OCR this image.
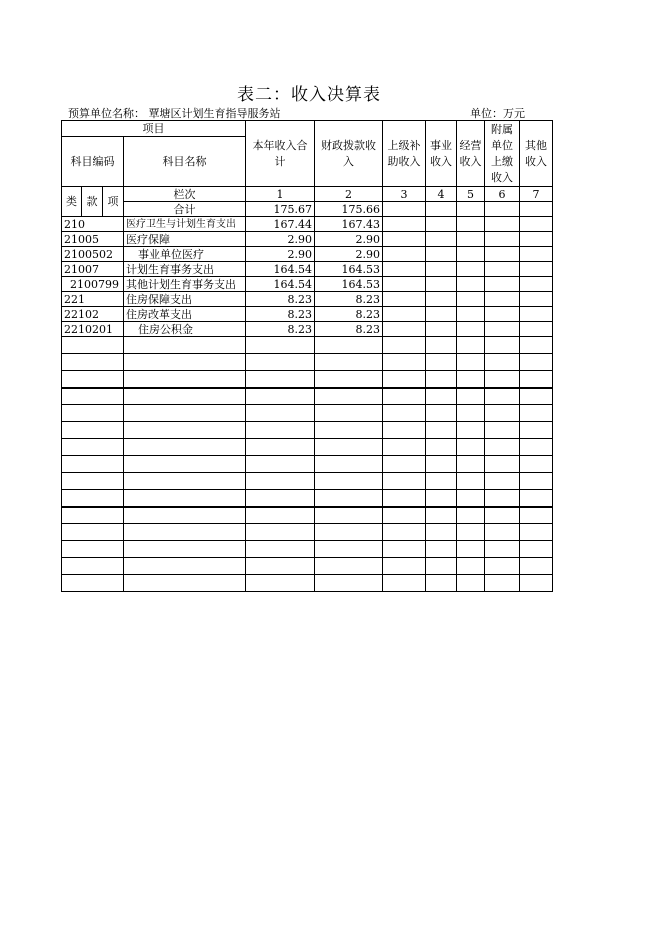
表二：收入决算表
预算单位名称： 覃塘区计划生育指导服务站	单位：万元
项目				本年收入合计	财政拨款收入	上级补助收入	事业收入	经营收入	附属单位上缴收入	其他收入
科目编码			科目名称							
类	款	项	栏次	1	2	3	4	5	6	7
			合计	175.67	175.66					
210			医疗卫生与计划生育支出	167.44	167.43					
21005			医疗保障	2.90	2.90					
2100502			事业单位医疗	2.90	2.90					
21007			计划生育事务支出	164.54	164.53					
2100799			其他计划生育事务支出	164.54	164.53					
221			住房保障支出	8.23	8.23					
22102			住房改革支出	8.23	8.23					
2210201			住房公积金	8.23	8.23					
